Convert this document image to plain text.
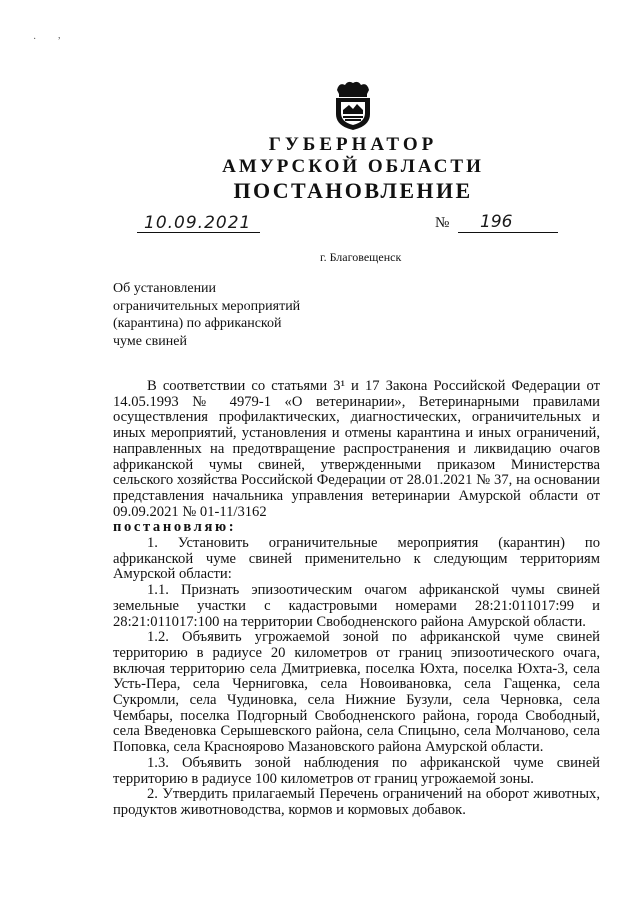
· ,
ГУБЕРНАТОР
АМУРСКОЙ ОБЛАСТИ
ПОСТАНОВЛЕНИЕ
10.09.2021	№ 196
г. Благовещенск
Об установлении
ограничительных мероприятий
(карантина) по африканской
чуме свиней

В соответствии со статьями 3¹ и 17 Закона Российской Федерации от 14.05.1993 № 4979-1 «О ветеринарии», Ветеринарными правилами осуществления профилактических, диагностических, ограничительных и иных мероприятий, установления и отмены карантина и иных ограничений, направленных на предотвращение распространения и ликвидацию очагов африканской чумы свиней, утвержденными приказом Министерства сельского хозяйства Российской Федерации от 28.01.2021 № 37, на основании представления начальника управления ветеринарии Амурской области от 09.09.2021 № 01-11/3162

постановляю:

1. Установить ограничительные мероприятия (карантин) по африканской чуме свиней применительно к следующим территориям Амурской области:

1.1. Признать эпизоотическим очагом африканской чумы свиней земельные участки с кадастровыми номерами 28:21:011017:99 и 28:21:011017:100 на территории Свободненского района Амурской области.

1.2. Объявить угрожаемой зоной по африканской чуме свиней территорию в радиусе 20 километров от границ эпизоотического очага, включая территорию села Дмитриевка, поселка Юхта, поселка Юхта-3, села Усть-Пера, села Черниговка, села Новоивановка, села Гащенка, села Сукромли, села Чудиновка, села Нижние Бузули, села Черновка, села Чембары, поселка Подгорный Свободненского района, города Свободный, села Введеновка Серышевского района, села Спицыно, села Молчаново, села Поповка, села Красноярово Мазановского района Амурской области.

1.3. Объявить зоной наблюдения по африканской чуме свиней территорию в радиусе 100 километров от границ угрожаемой зоны.

2. Утвердить прилагаемый Перечень ограничений на оборот животных, продуктов животноводства, кормов и кормовых добавок.
